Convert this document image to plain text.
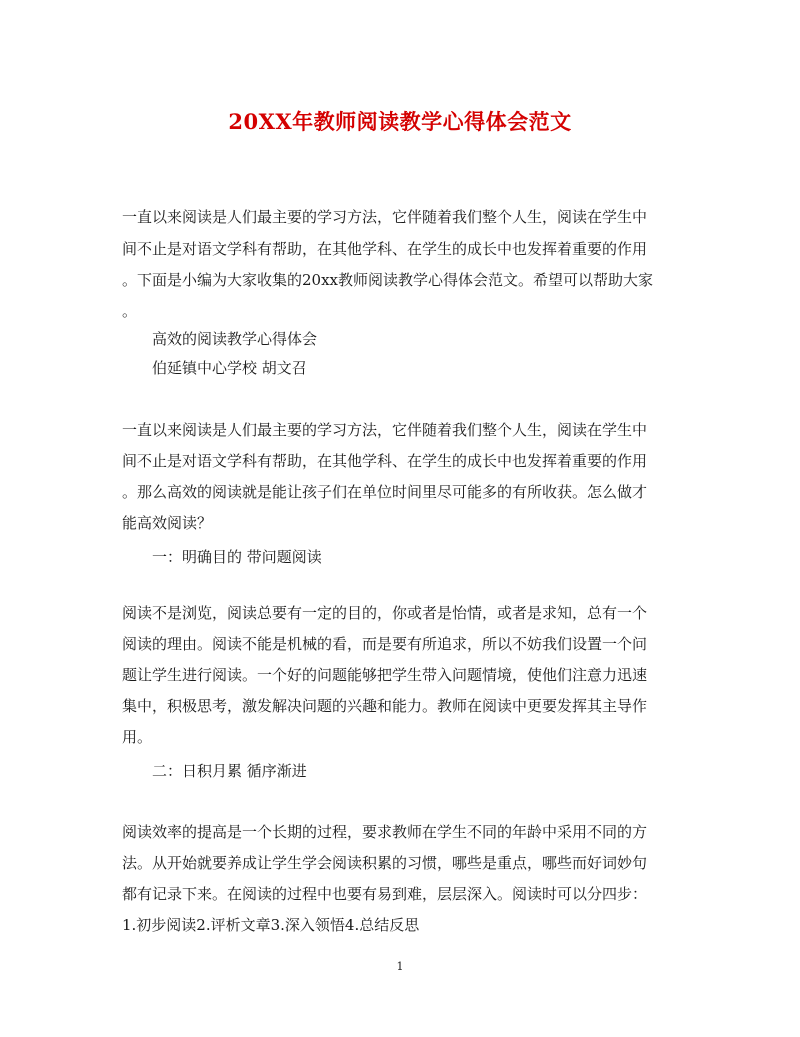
20XX年教师阅读教学心得体会范文
一直以来阅读是人们最主要的学习方法，它伴随着我们整个人生，阅读在学生中
间不止是对语文学科有帮助，在其他学科、在学生的成长中也发挥着重要的作用
。下面是小编为大家收集的20xx教师阅读教学心得体会范文。希望可以帮助大家
。
高效的阅读教学心得体会
伯延镇中心学校 胡文召
一直以来阅读是人们最主要的学习方法，它伴随着我们整个人生，阅读在学生中
间不止是对语文学科有帮助，在其他学科、在学生的成长中也发挥着重要的作用
。那么高效的阅读就是能让孩子们在单位时间里尽可能多的有所收获。怎么做才
能高效阅读？
一：明确目的 带问题阅读
阅读不是浏览，阅读总要有一定的目的，你或者是怡情，或者是求知，总有一个
阅读的理由。阅读不能是机械的看，而是要有所追求，所以不妨我们设置一个问
题让学生进行阅读。一个好的问题能够把学生带入问题情境，使他们注意力迅速
集中，积极思考，激发解决问题的兴趣和能力。教师在阅读中更要发挥其主导作
用。
二：日积月累 循序渐进
阅读效率的提高是一个长期的过程，要求教师在学生不同的年龄中采用不同的方
法。从开始就要养成让学生学会阅读积累的习惯，哪些是重点，哪些而好词妙句
都有记录下来。在阅读的过程中也要有易到难，层层深入。阅读时可以分四步：
1.初步阅读2.评析文章3.深入领悟4.总结反思
1
